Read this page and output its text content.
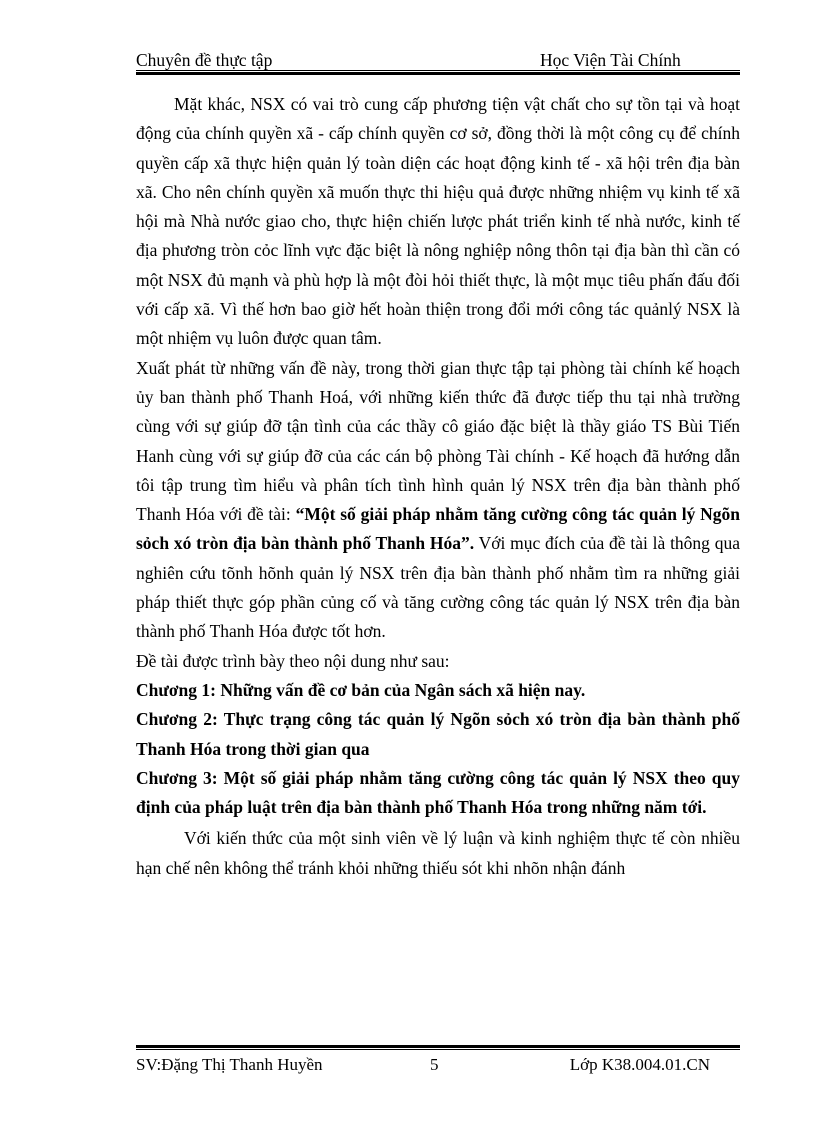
Chuyên đề thực tập	Học Viện Tài Chính

Mặt khác, NSX có vai trò cung cấp phương tiện vật chất cho sự tồn tại và hoạt động của chính quyền xã - cấp chính quyền cơ sở, đồng thời là một công cụ để chính quyền cấp xã thực hiện quản lý toàn diện các hoạt động kinh tế - xã hội trên địa bàn xã. Cho nên chính quyền xã muốn thực thi hiệu quả được những nhiệm vụ kinh tế xã hội mà Nhà nước giao cho, thực hiện chiến lược phát triển kinh tế nhà nước, kinh tế địa phương tròn cỏc lĩnh vực đặc biệt là nông nghiệp nông thôn tại địa bàn thì cần có một NSX đủ mạnh và phù hợp là một đòi hỏi thiết thực, là một mục tiêu phấn đấu đối với cấp xã. Vì thế hơn bao giờ hết hoàn thiện trong đổi mới công tác quảnlý NSX là một nhiệm vụ luôn được quan tâm.

Xuất phát từ những vấn đề này, trong thời gian thực tập tại phòng tài chính kế hoạch ủy ban thành phố Thanh Hoá, với những kiến thức đã được tiếp thu tại nhà trường cùng với sự giúp đỡ tận tình của các thầy cô giáo đặc biệt là thầy giáo TS Bùi Tiến Hanh cùng với sự giúp đỡ của các cán bộ phòng Tài chính - Kế hoạch đã hướng dẫn tôi tập trung tìm hiểu và phân tích tình hình quản lý NSX trên địa bàn thành phố Thanh Hóa với đề tài: “Một số giải pháp nhằm tăng cường công tác quản lý Ngõn sỏch xó tròn địa bàn thành phố Thanh Hóa”. Với mục đích của đề tài là thông qua nghiên cứu tõnh hõnh quản lý NSX trên địa bàn thành phố nhằm tìm ra những giải pháp thiết thực góp phần củng cố và tăng cường công tác quản lý NSX trên địa bàn thành phố Thanh Hóa được tốt hơn.

Đề tài được trình bày theo nội dung như sau:

Chương 1: Những vấn đề cơ bản của Ngân sách xã hiện nay.

Chương 2: Thực trạng công tác quản lý Ngõn sỏch xó tròn địa bàn thành phố Thanh Hóa trong thời gian qua

Chương 3: Một số giải pháp nhằm tăng cường công tác quản lý NSX theo quy định của pháp luật trên địa bàn thành phố Thanh Hóa trong những năm tới.

Với kiến thức của một sinh viên về lý luận và kinh nghiệm thực tế còn nhiều hạn chế nên không thể tránh khỏi những thiếu sót khi nhõn nhận đánh

SV:Đặng Thị Thanh Huyền	5	Lớp K38.004.01.CN
